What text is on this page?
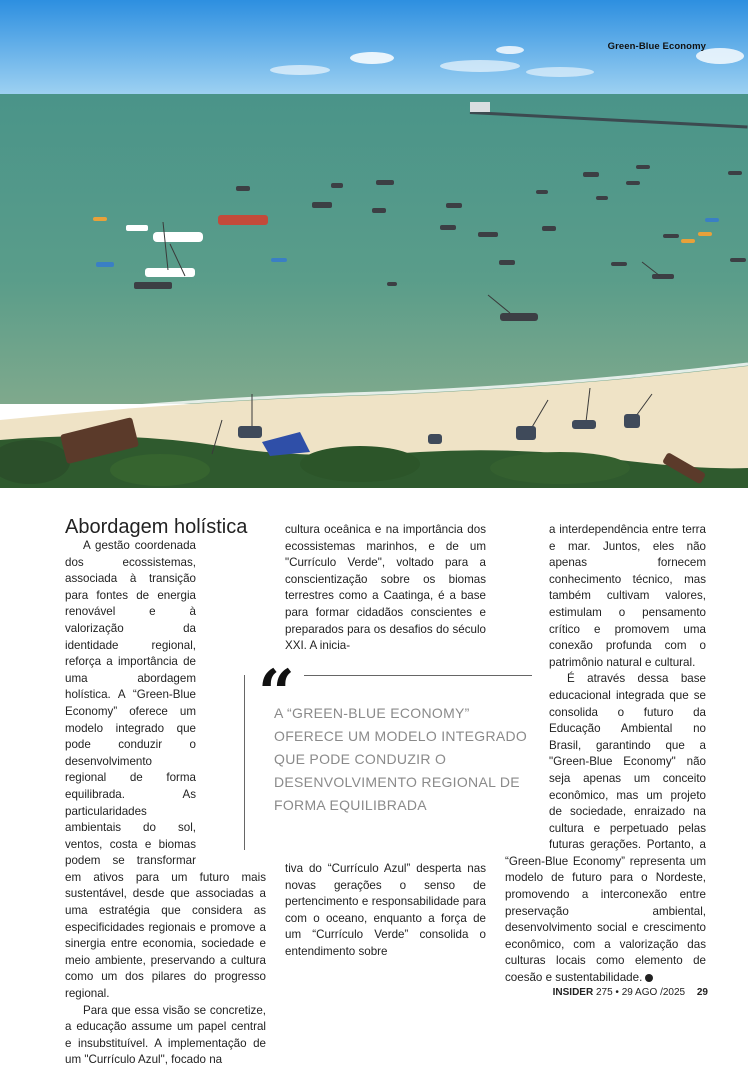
Green-Blue Economy
Abordagem holística

A gestão coordenada dos ecossistemas, associada à transição para fontes de energia renovável e à valorização da identidade regional, reforça a importância de uma abordagem holística. A “Green-Blue Economy” oferece um modelo integrado que pode conduzir o desenvolvimento regional de forma equilibrada. As particularidades ambientais do sol, ventos, costa e biomas podem se transformar em ativos para um futuro mais sustentável, desde que associadas a uma estratégia que considera as especificidades regionais e promove a sinergia entre economia, sociedade e meio ambiente, preservando a cultura como um dos pilares do progresso regional.

Para que essa visão se concretize, a educação assume um papel central e insubstituível. A implementação de um "Currículo Azul", focado na

cultura oceânica e na importância dos ecossistemas marinhos, e de um "Currículo Verde", voltado para a conscientização sobre os biomas terrestres como a Caatinga, é a base para formar cidadãos conscientes e preparados para os desafios do século XXI. A inicia-

tiva do “Currículo Azul” desperta nas novas gerações o senso de pertencimento e responsabilidade para com o oceano, enquanto a força de um “Currículo Verde” consolida o entendimento sobre

a interdependência entre terra e mar. Juntos, eles não apenas fornecem conhecimento técnico, mas também cultivam valores, estimulam o pensamento crítico e promovem uma conexão profunda com o patrimônio natural e cultural.

É através dessa base educacional integrada que se consolida o futuro da Educação Ambiental no Brasil, garantindo que a "Green-Blue Economy" não seja apenas um conceito econômico, mas um projeto de sociedade, enraizado na cultura e perpetuado pelas futuras gerações. Portanto, a “Green-Blue Economy” representa um modelo de futuro para o Nordeste, promovendo a interconexão entre preservação ambiental, desenvolvimento social e crescimento econômico, com a valorização das culturas locais como elemento de coesão e sustentabilidade.

“
A “GREEN-BLUE ECONOMY” OFERECE UM MODELO INTEGRADO QUE PODE CONDUZIR O DESENVOLVIMENTO REGIONAL DE FORMA EQUILIBRADA
INSIDER 275 • 29 AGO /2025 29
